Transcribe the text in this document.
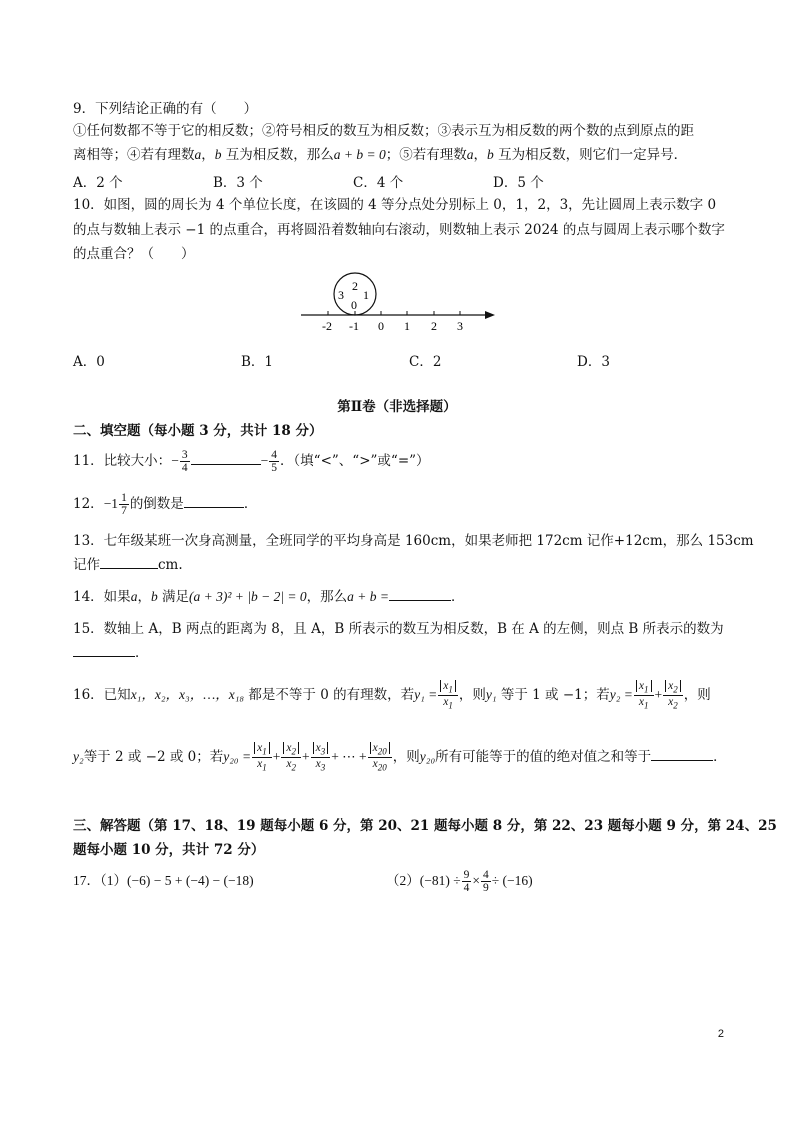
9．下列结论正确的有（　　）
①任何数都不等于它的相反数；②符号相反的数互为相反数；③表示互为相反数的两个数的点到原点的距
离相等；④若有理数a，b 互为相反数，那么a + b = 0；⑤若有理数a，b 互为相反数，则它们一定异号．
A．2 个	B．3 个	C．4 个	D．5 个
10．如图，圆的周长为 4 个单位长度，在该圆的 4 等分点处分别标上 0，1，2，3，先让圆周上表示数字 0
的点与数轴上表示 −1 的点重合，再将圆沿着数轴向右滚动，则数轴上表示 2024 的点与圆周上表示哪个数字
的点重合？（　　）
2
3 1
0
-2 -1 0 1 2 3
A．0	B．1	C．2	D．3
第Ⅱ卷（非选择题）
二、填空题（每小题 3 分，共计 18 分）
11．比较大小：− $\frac{3}{4}$	− $\frac{4}{5}$ ．（填“<”、“>”或“=”）
12．$-1 \frac{1}{7}$ 的倒数是	．
13．七年级某班一次身高测量，全班同学的平均身高是 160cm，如果老师把 172cm 记作+12cm，那么 153cm
记作	cm.
14．如果a，b 满足(a + 3)² + |b − 2| = 0，那么a + b =	．
15．数轴上 A，B 两点的距离为 8，且 A，B 所表示的数互为相反数，B 在 A 的左侧，则点 B 所表示的数为
．
16．已知x₁，x₂，x₃，…，x₁₈ 都是不等于 0 的有理数，若$y_1 = \frac{x_1}{x_1}$ ，则y₁ 等于 1 或 −1；若$y_2 = \frac{x_1}{x_1} + \frac{x_2}{x_2}$ ，则
y₂等于 2 或 −2 或 0；若$y_{20} = \frac{x_1}{x_1} + \frac{x_2}{x_2} + \frac{x_3}{x_3}$ + ⋯ + $\frac{x_{20}}{x_{20}}$ ，则y₂₀所有可能等于的值的绝对值之和等于	．
三、解答题（第 17、18、19 题每小题 6 分，第 20、21 题每小题 8 分，第 22、23 题每小题 9 分，第 24、25
题每小题 10 分，共计 72 分）
17．（1）(−6) − 5 + (−4) − (−18)	$(2)(-81) \div \frac{9}{4} \times \frac{4}{9} \div (-16)$
2
